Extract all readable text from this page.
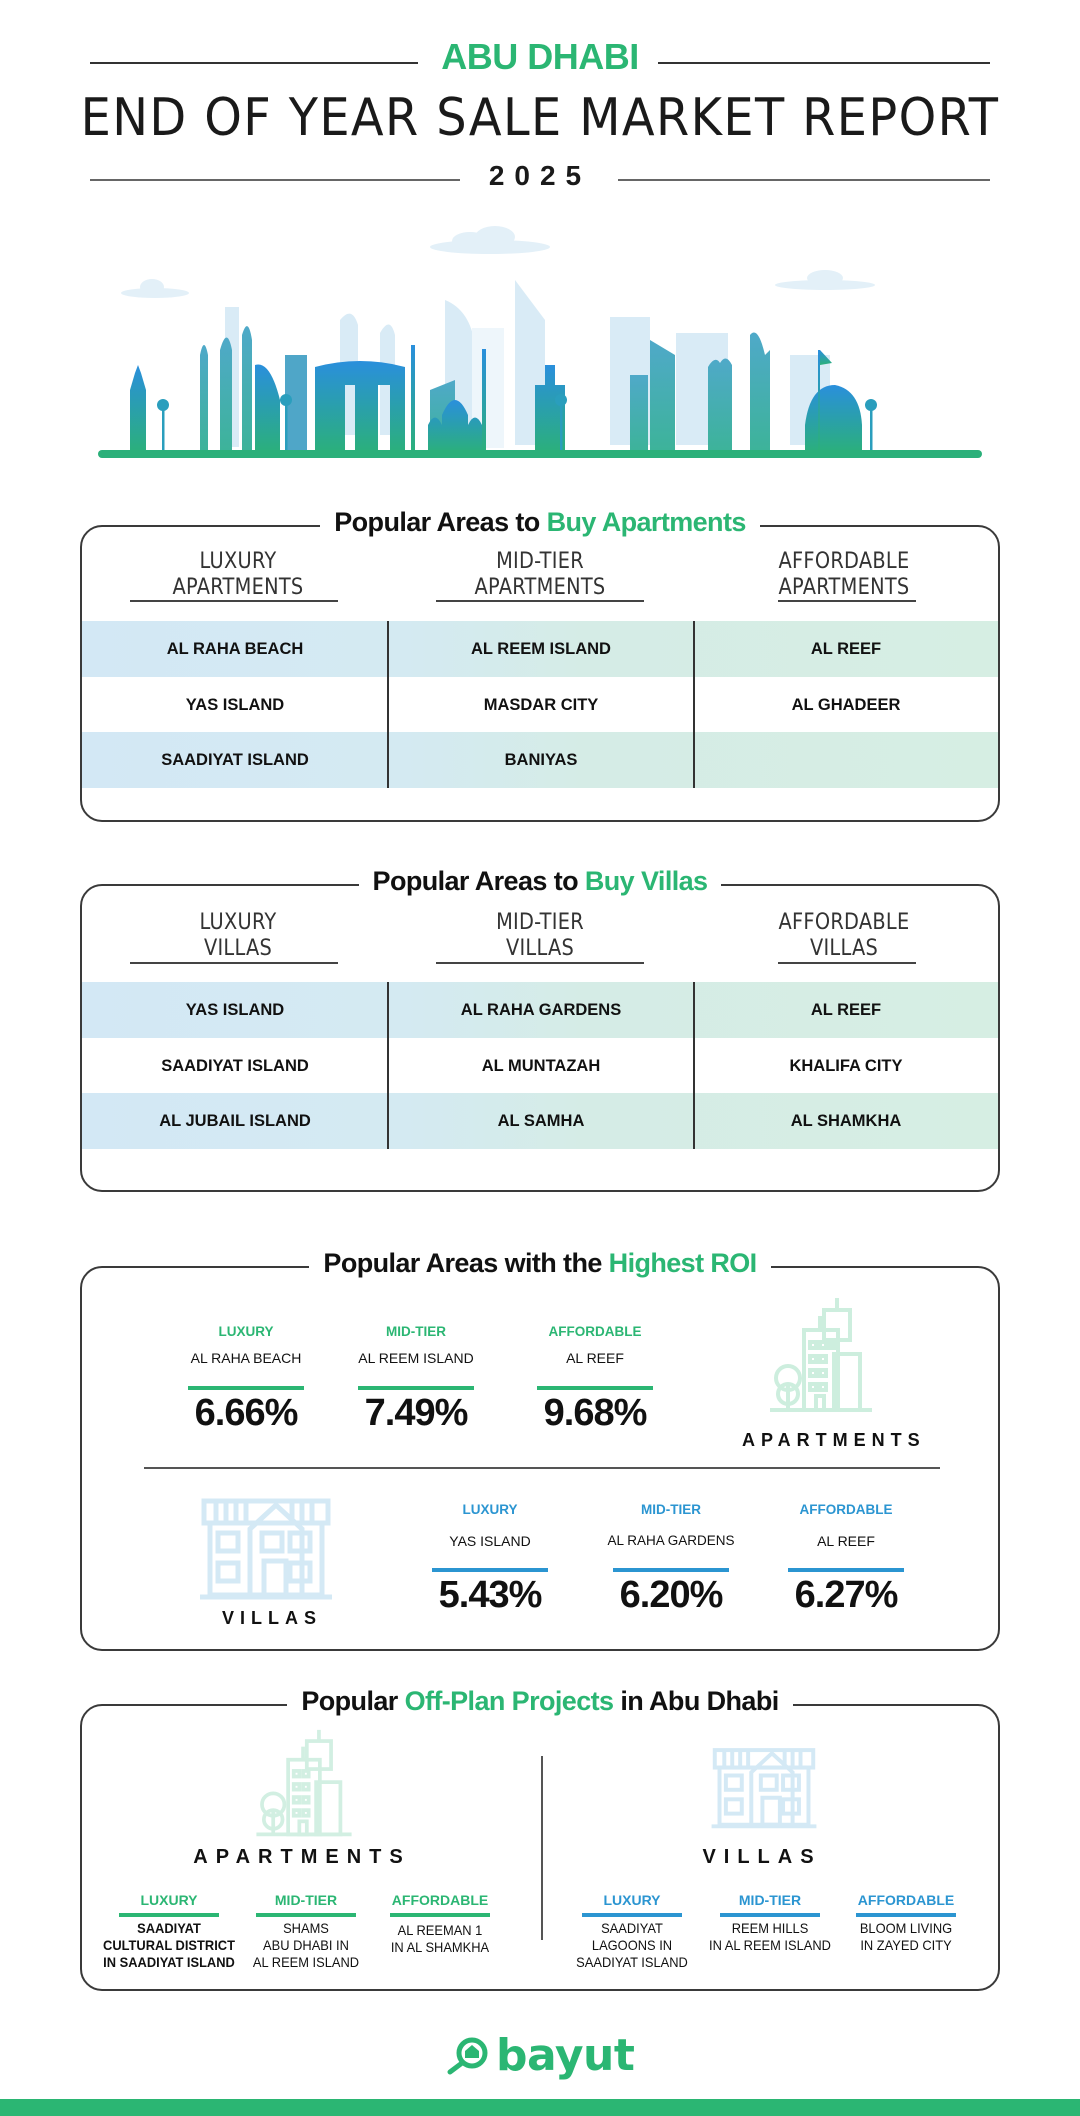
ABU DHABI
END OF YEAR SALE MARKET REPORT
2025
Popular Areas to Buy Apartments
LUXURY
APARTMENTS
MID-TIER
APARTMENTS
AFFORDABLE
APARTMENTS
AL RAHA BEACH	AL REEM ISLAND	AL REEF
YAS ISLAND	MASDAR CITY	AL GHADEER
SAADIYAT ISLAND	BANIYAS
Popular Areas to Buy Villas
LUXURY
VILLAS
MID-TIER
VILLAS
AFFORDABLE
VILLAS
YAS ISLAND	AL RAHA GARDENS	AL REEF
SAADIYAT ISLAND	AL MUNTAZAH	KHALIFA CITY
AL JUBAIL ISLAND	AL SAMHA	AL SHAMKHA
Popular Areas with the Highest ROI
LUXURY
AL RAHA BEACH
6.66%
MID-TIER
AL REEM ISLAND
7.49%
AFFORDABLE
AL REEF
9.68%
APARTMENTS
VILLAS
LUXURY
YAS ISLAND
5.43%
MID-TIER
AL RAHA GARDENS
6.20%
AFFORDABLE
AL REEF
6.27%
Popular Off-Plan Projects in Abu Dhabi
APARTMENTS	VILLAS
LUXURY
SAADIYAT
CULTURAL DISTRICT
IN SAADIYAT ISLAND
MID-TIER
SHAMS
ABU DHABI IN
AL REEM ISLAND
AFFORDABLE
AL REEMAN 1
IN AL SHAMKHA
LUXURY
SAADIYAT
LAGOONS IN
SAADIYAT ISLAND
MID-TIER
REEM HILLS
IN AL REEM ISLAND
AFFORDABLE
BLOOM LIVING
IN ZAYED CITY
bayut
